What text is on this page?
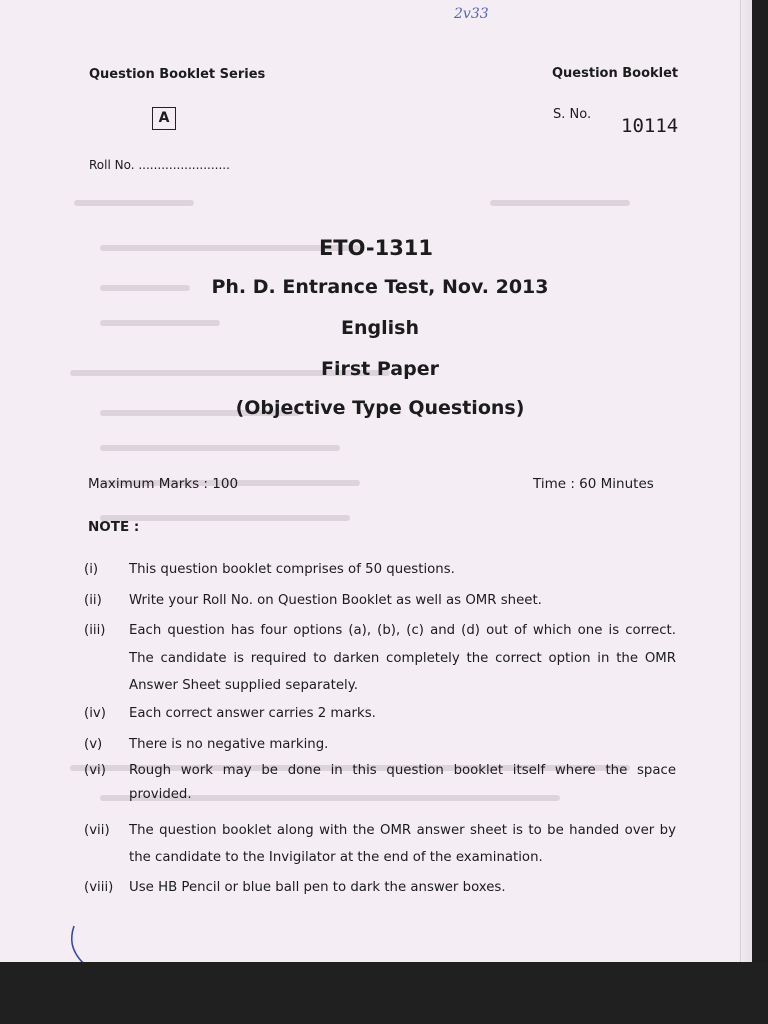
2v33
Question Booklet Series	Question Booklet
A	S. No.
10114
Roll No. ........................
ETO-1311
Ph. D. Entrance Test, Nov. 2013
English
First Paper
(Objective Type Questions)
Maximum Marks : 100	Time : 60 Minutes
NOTE :
(i)	This question booklet comprises of 50 questions.
(ii)	Write your Roll No. on Question Booklet as well as OMR sheet.
(iii)	Each question has four options (a), (b), (c) and (d) out of which one is correct. The candidate is required to darken completely the correct option in the OMR Answer Sheet supplied separately.
(iv)	Each correct answer carries 2 marks.
(v)	There is no negative marking.
(vi)	Rough work may be done in this question booklet itself where the space provided.
(vii)	The question booklet along with the OMR answer sheet is to be handed over by the candidate to the Invigilator at the end of the examination.
(viii)	Use HB Pencil or blue ball pen to dark the answer boxes.
